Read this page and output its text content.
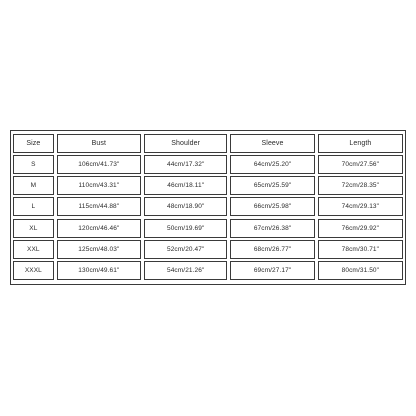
Size	Bust	Shoulder	Sleeve	Length
S	106cm/41.73"	44cm/17.32"	64cm/25.20"	70cm/27.56"
M	110cm/43.31"	46cm/18.11"	65cm/25.59"	72cm/28.35"
L	115cm/44.88"	48cm/18.90"	66cm/25.98"	74cm/29.13"
XL	120cm/46.46"	50cm/19.69"	67cm/26.38"	76cm/29.92"
XXL	125cm/48.03"	52cm/20.47"	68cm/26.77"	78cm/30.71"
XXXL	130cm/49.61"	54cm/21.26"	69cm/27.17"	80cm/31.50"
